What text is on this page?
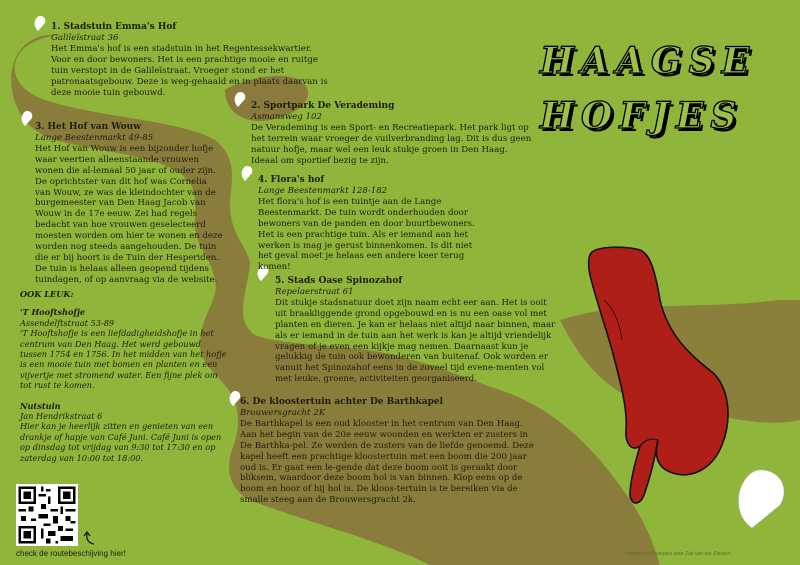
HAAGSE
HOFJES
1. Stadstuin Emma's Hof
Galileïstraat 36

Het Emma's hof is een stadstuin in het Regentessekwartier. Voor en door bewoners. Het is een prachtige mooie en ruitge tuin verstopt in de Galileïstraat. Vroeger stond er het patronaatsgebouw. Deze is weg-gehaald en in plaats daarvan is deze mooie tuin gebouwd.

2. Sportpark De Verademing
Asmansweg 102

De Verademing is een Sport- en Recreatiepark. Het park ligt op het terrein waar vroeger de vuilverbranding lag. Dit is dus geen natuur hofje, maar wel een leuk stukje groen in Den Haag. Ideaal om sportief bezig te zijn.

3. Het Hof van Wouw
Lange Beestenmarkt 49-85

Het Hof van Wouw is een bijzonder hofje waar veertien alleenstaande vrouwen wonen die al-lemaal 50 jaar of ouder zijn. De oprichtster van dit hof was Cornelia van Wouw, ze was de kleindochter van de burgemeester van Den Haag Jacob van Wouw in de 17e eeuw. Zei had regels bedacht van hoe vrouwen geselecteerd moesten worden om hier te wonen en deze worden nog steeds aangehouden. De tuin die er bij hoort is de Tuin der Hesperiden. De tuin is helaas alleen geopend tijdens tuindagen, of op aanvraag via de website.

4. Flora's hof
Lange Beestenmarkt 128-182

Het flora's hof is een tuintje aan de Lange Beestenmarkt. De tuin wordt onderhouden door bewoners van de panden en door buurtbewoners. Het is een prachtige tuin. Als er iemand aan het werken is mag je gerust binnenkomen. Is dit niet het geval moet je helaas een andere keer terug komen!

5. Stads Oase Spinozahof
Repelaerstraat 61

Dit stukje stadsnatuur doet zijn naam echt eer aan. Het is ooit uit braakliggende grond opgebouwd en is nu een oase vol met planten en dieren. Je kan er helaas niet altijd naar binnen, maar als er iemand in de tuin aan het werk is kan je altijd vriendelijk vragen of je even een kijkje mag nemen. Daarnaast kun je gelukkig de tuin ook bewonderen van buitenaf. Ook worden er vanuit het Spinozahof eens in de zoveel tijd evene-menten vol met leuke, groene, activiteiten georganiseerd.

6. De kloostertuin achter De Barthkapel
Brouwersgracht 2K

De Barthkapel is een oud klooster in het centrum van Den Haag. Aan het begin van de 20e eeuw woonden en werkten er zusters in De Barthka-pel. Ze werden de zusters van de liefde genoemd. Deze kapel heeft een prachtige kloostertuin met een boom die 200 jaar oud is. Er gaat een le-gende dat deze boom ooit is geraakt door bliksem, waardoor deze boom hol is van binnen. Klop eens op de boom en hoor of hij hol is. De kloos-tertuin is te bereiken via de smalle steeg aan de Brouwersgracht 2k.

OOK LEUK:
'T Hooftshofje
Assendelftstraat 53-89

'T Hooftshofje is een liefdadigheidshofje in het centrum van Den Haag. Het werd gebouwd tussen 1754 en 1756. In het midden van het hofje is een mooie tuin met bomen en planten en een vijvertje met stromend water. Een fijne plek om tot rust te komen.

Nutstuin
Jan Hendrikstraat 6

Hier kan je heerlijk zitten en genieten van een drankje of hapje van Café Juni. Café Juni is open op dinsdag tot vrijdag van 9:30 tot 17:30 en op zaterdag van 10:00 tot 18:00.

check de routebeschijving hier!	design en illustraties door Zoë van der Zanden
